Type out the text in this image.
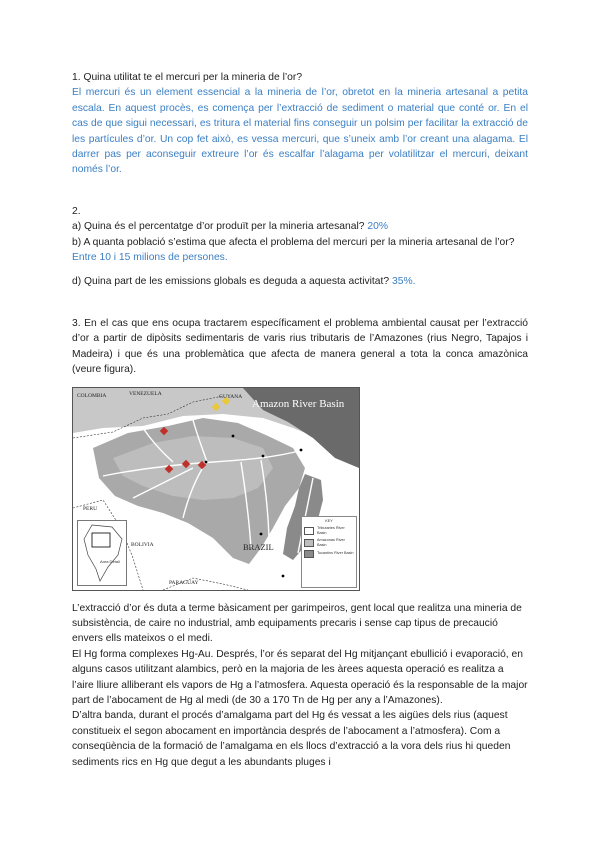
1. Quina utilitat te el mercuri per la mineria de l’or?

El mercuri és un element essencial a la mineria de l’or, obretot en la mineria artesanal a petita escala. En aquest procès, es comença per l’extracció de sediment o material que conté or. En el cas de que sigui necessari, es tritura el material fins conseguir un polsim per facilitar la extracció de les partícules d’or. Un cop fet això, es vessa mercuri, que s’uneix amb l’or creant una alagama. El darrer pas per aconseguir extreure l’or és escalfar l’alagama per volatilitzar el mercuri, deixant només l’or.

2.

a) Quina és el percentatge d’or produït per la mineria artesanal? 20%

b) A quanta població s’estima que afecta el problema del mercuri per la mineria artesanal de l’or? Entre 10 i 15 milions de persones.

d) Quina part de les emissions globals es deguda a aquesta activitat? 35%.

3. En el cas que ens ocupa tractarem específicament el problema ambiental causat per l’extracció d’or a partir de dipòsits sedimentaris de varis rius tributaris de l’Amazones (rius Negro, Tapajos i Madeira) i que és una problemàtica que afecta de manera general a tota la conca amazònica (veure figura).

Amazon River Basin
COLOMBIA	VENEZUELA	GUYANA
PERU
BOLIVIA	BRAZIL
PARAGUAY
Area Detail
KEY
Tributaries River Basin
Amazonas River Basin
Tocantins River Basin

L’extracció d’or és duta a terme bàsicament per garimpeiros, gent local que realitza una mineria de subsistència, de caire no industrial, amb equipaments precaris i sense cap tipus de precaució envers ells mateixos o el medi.

El Hg forma complexes Hg-Au. Després, l’or és separat del Hg mitjançant ebullició i evaporació, en alguns casos utilitzant alambics, però en la majoria de les àrees aquesta operació es realitza a l’aire lliure alliberant els vapors de Hg a l’atmosfera. Aquesta operació és la responsable de la major part de l’abocament de Hg al medi (de 30 a 170 Tn de Hg per any a l’Amazones).

D’altra banda, durant el procés d’amalgama part del Hg és vessat a les aigües dels rius (aquest constitueix el segon abocament en importància després de l’abocament a l’atmosfera). Com a conseqüència de la formació de l’amalgama en els llocs d’extracció a la vora dels rius hi queden sediments rics en Hg que degut a les abundants pluges i
